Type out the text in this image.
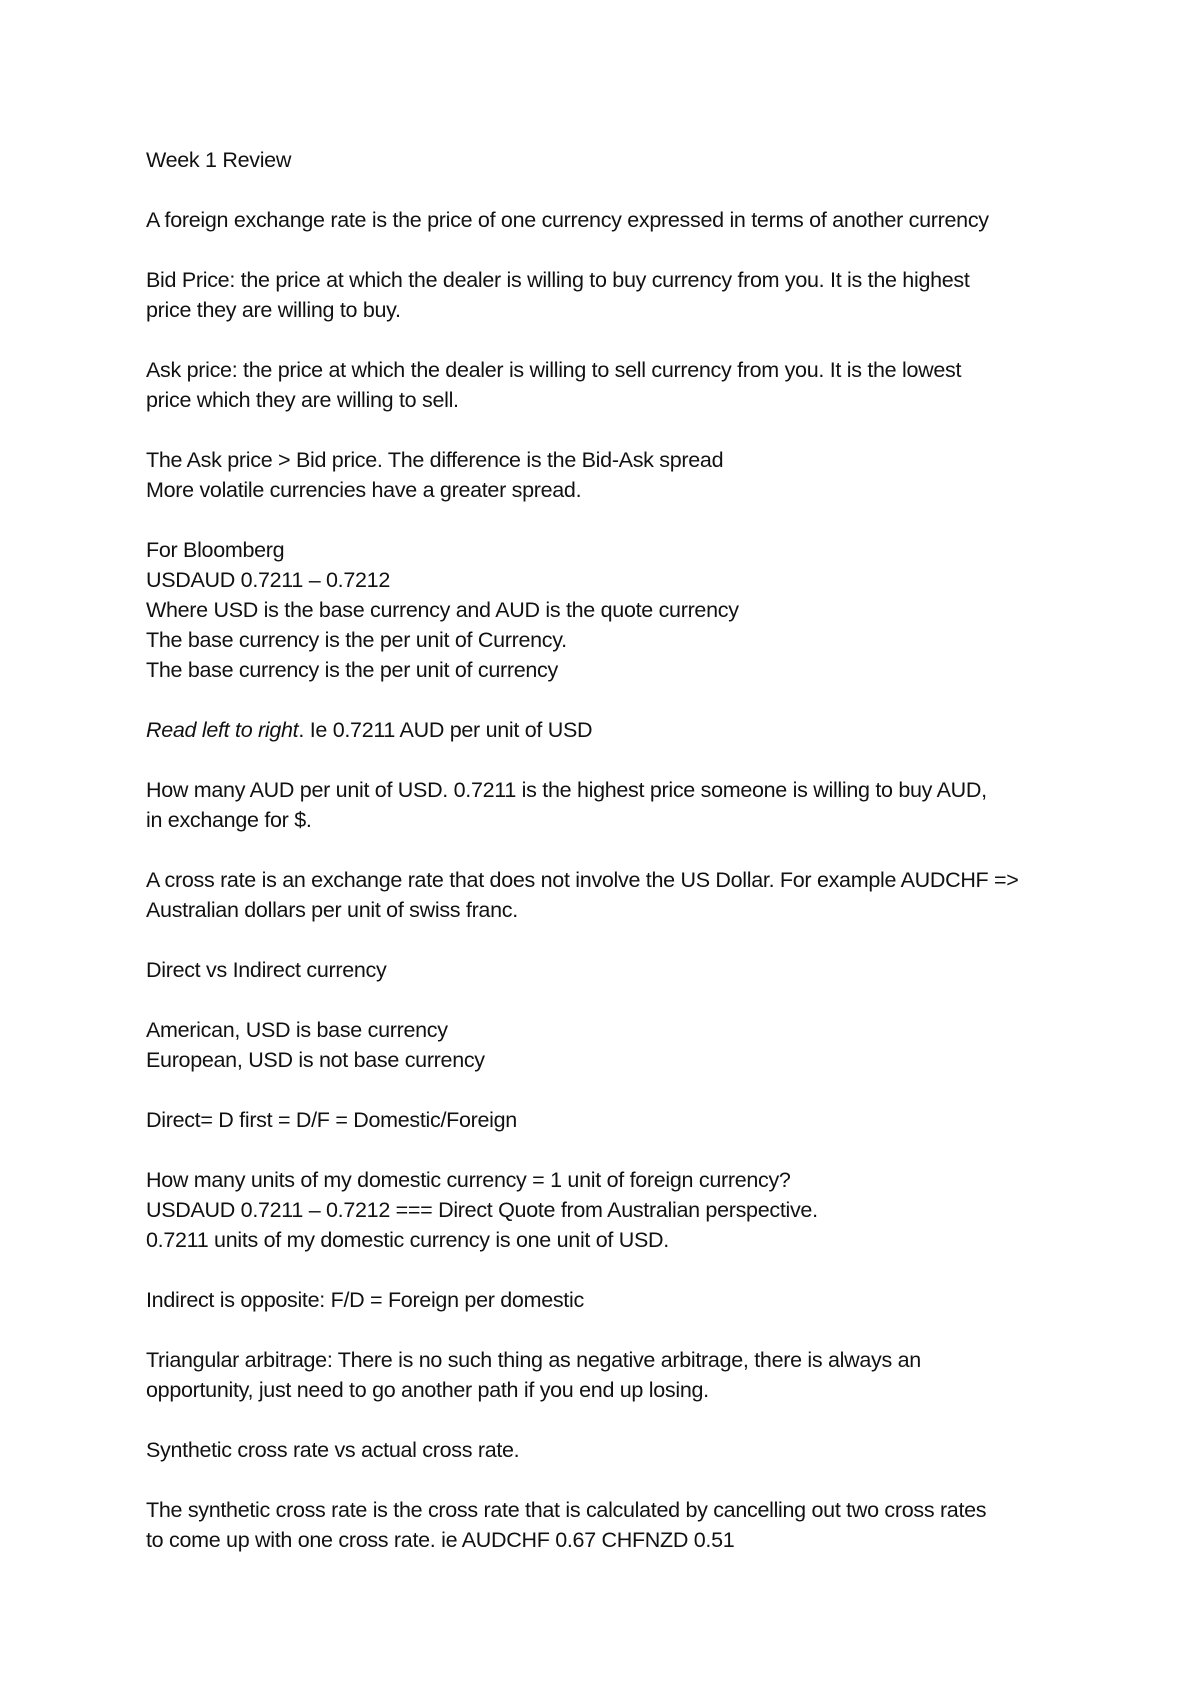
Week 1 Review

A foreign exchange rate is the price of one currency expressed in terms of another currency

Bid Price: the price at which the dealer is willing to buy currency from you. It is the highest
price they are willing to buy.

Ask price: the price at which the dealer is willing to sell currency from you. It is the lowest
price which they are willing to sell.

The Ask price > Bid price. The difference is the Bid-Ask spread
More volatile currencies have a greater spread.

For Bloomberg
USDAUD 0.7211 – 0.7212
Where USD is the base currency and AUD is the quote currency
The base currency is the per unit of Currency.
The base currency is the per unit of currency

Read left to right. Ie 0.7211 AUD per unit of USD

How many AUD per unit of USD. 0.7211 is the highest price someone is willing to buy AUD,
in exchange for $.

A cross rate is an exchange rate that does not involve the US Dollar. For example AUDCHF =>
Australian dollars per unit of swiss franc.

Direct vs Indirect currency

American, USD is base currency
European, USD is not base currency

Direct= D first = D/F = Domestic/Foreign

How many units of my domestic currency = 1 unit of foreign currency?
USDAUD 0.7211 – 0.7212 === Direct Quote from Australian perspective.
0.7211 units of my domestic currency is one unit of USD.

Indirect is opposite: F/D = Foreign per domestic

Triangular arbitrage: There is no such thing as negative arbitrage, there is always an
opportunity, just need to go another path if you end up losing.

Synthetic cross rate vs actual cross rate.

The synthetic cross rate is the cross rate that is calculated by cancelling out two cross rates
to come up with one cross rate. ie AUDCHF 0.67 CHFNZD 0.51
